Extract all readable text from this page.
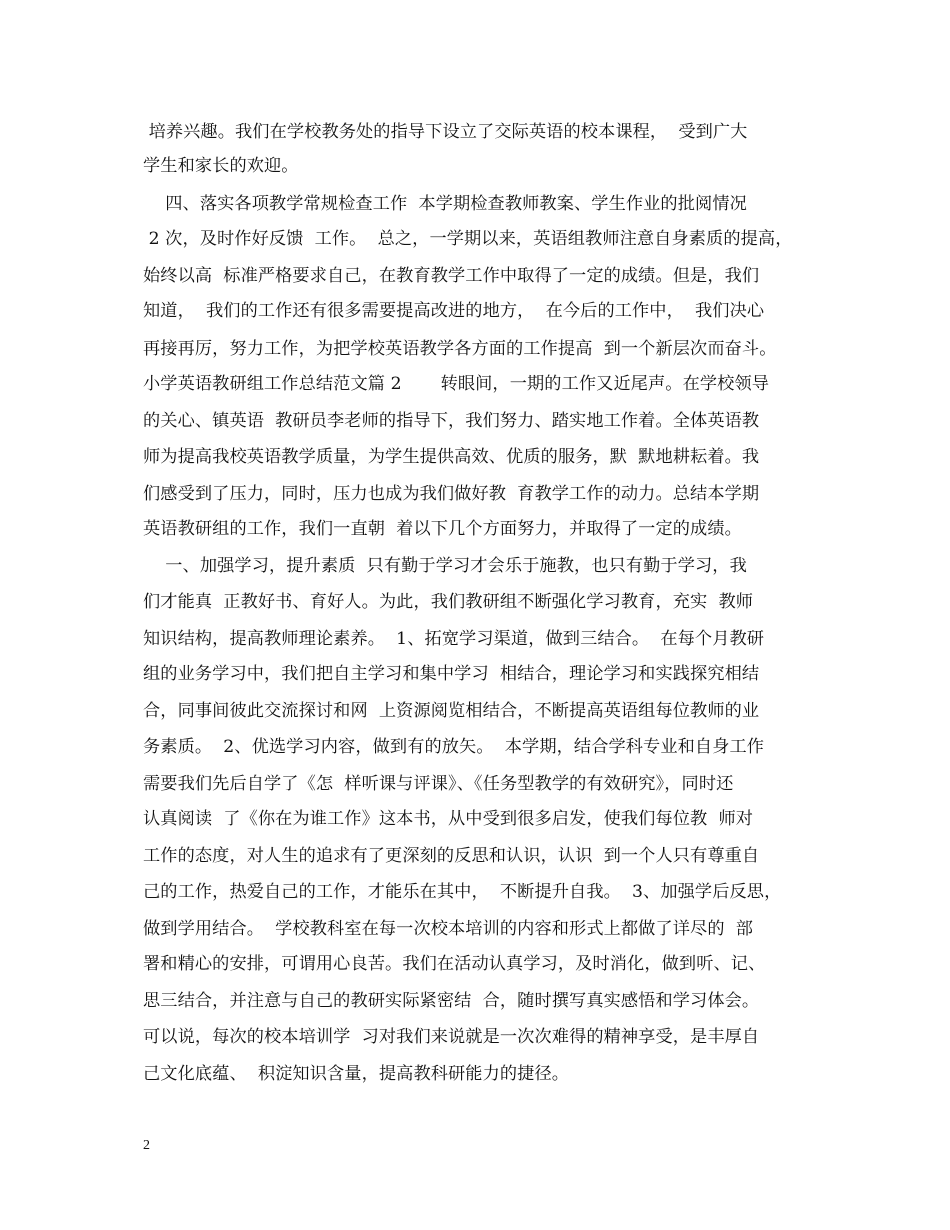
培养兴趣。我们在学校教务处的指导下设立了交际英语的校本课程，  受到广大
学生和家长的欢迎。
四、落实各项教学常规检查工作  本学期检查教师教案、学生作业的批阅情况
2 次，及时作好反馈  工作。  总之，一学期以来，英语组教师注意自身素质的提高，
始终以高  标准严格要求自己，在教育教学工作中取得了一定的成绩。但是，我们
知道，  我们的工作还有很多需要提高改进的地方，  在今后的工作中，  我们决心
再接再厉，努力工作，为把学校英语教学各方面的工作提高  到一个新层次而奋斗。
小学英语教研组工作总结范文篇 2       转眼间，一期的工作又近尾声。在学校领导
的关心、镇英语  教研员李老师的指导下，我们努力、踏实地工作着。全体英语教
师为提高我校英语教学质量，为学生提供高效、优质的服务，默  默地耕耘着。我
们感受到了压力，同时，压力也成为我们做好教  育教学工作的动力。总结本学期
英语教研组的工作，我们一直朝  着以下几个方面努力，并取得了一定的成绩。
一、加强学习，提升素质  只有勤于学习才会乐于施教，也只有勤于学习，我
们才能真  正教好书、育好人。为此，我们教研组不断强化学习教育，充实  教师
知识结构，提高教师理论素养。  1、拓宽学习渠道，做到三结合。  在每个月教研
组的业务学习中，我们把自主学习和集中学习  相结合，理论学习和实践探究相结
合，同事间彼此交流探讨和网  上资源阅览相结合，不断提高英语组每位教师的业
务素质。  2、优选学习内容，做到有的放矢。  本学期，结合学科专业和自身工作
需要我们先后自学了《怎  样听课与评课》、《任务型教学的有效研究》，同时还
认真阅读  了《你在为谁工作》这本书，从中受到很多启发，使我们每位教  师对
工作的态度，对人生的追求有了更深刻的反思和认识，认识  到一个人只有尊重自
己的工作，热爱自己的工作，才能乐在其中，  不断提升自我。  3、加强学后反思，
做到学用结合。  学校教科室在每一次校本培训的内容和形式上都做了详尽的  部
署和精心的安排，可谓用心良苦。我们在活动认真学习，及时消化，做到听、记、
思三结合，并注意与自己的教研实际紧密结  合，随时撰写真实感悟和学习体会。
可以说，每次的校本培训学  习对我们来说就是一次次难得的精神享受，是丰厚自
己文化底蕴、  积淀知识含量，提高教科研能力的捷径。
2
